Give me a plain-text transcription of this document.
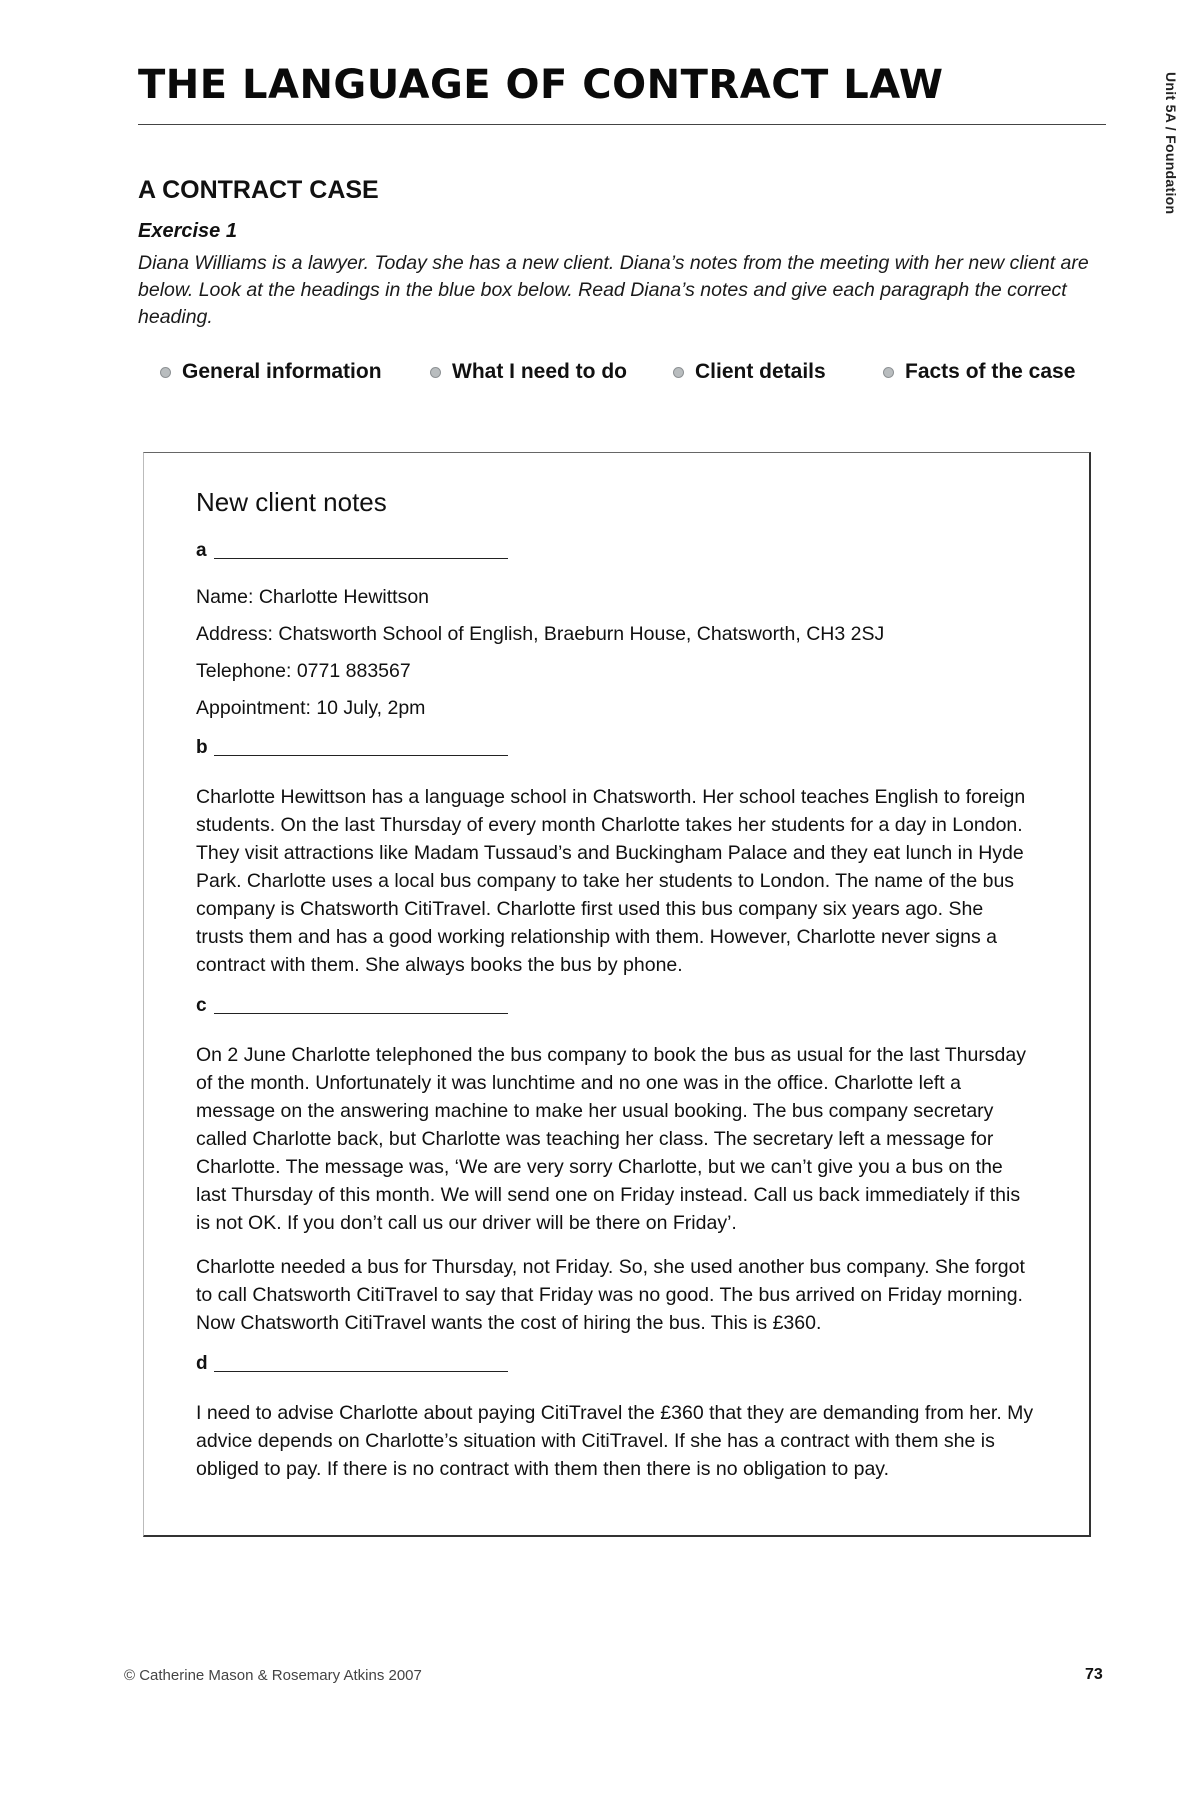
THE LANGUAGE OF CONTRACT LAW	Unit 5A / Foundation
A CONTRACT CASE
Exercise 1
Diana Williams is a lawyer. Today she has a new client. Diana’s notes from the meeting with her new client are below. Look at the headings in the blue box below. Read Diana’s notes and give each paragraph the correct heading.
General information	What I need to do	Client details	Facts of the case
New client notes
a
Name: Charlotte Hewittson
Address: Chatsworth School of English, Braeburn House, Chatsworth, CH3 2SJ
Telephone: 0771 883567
Appointment: 10 July, 2pm
b
Charlotte Hewittson has a language school in Chatsworth. Her school teaches English to foreign students. On the last Thursday of every month Charlotte takes her students for a day in London. They visit attractions like Madam Tussaud’s and Buckingham Palace and they eat lunch in Hyde Park. Charlotte uses a local bus company to take her students to London. The name of the bus company is Chatsworth CitiTravel. Charlotte first used this bus company six years ago. She trusts them and has a good working relationship with them. However, Charlotte never signs a contract with them. She always books the bus by phone.
c
On 2 June Charlotte telephoned the bus company to book the bus as usual for the last Thursday of the month. Unfortunately it was lunchtime and no one was in the office. Charlotte left a message on the answering machine to make her usual booking. The bus company secretary called Charlotte back, but Charlotte was teaching her class. The secretary left a message for Charlotte. The message was, ‘We are very sorry Charlotte, but we can’t give you a bus on the last Thursday of this month. We will send one on Friday instead. Call us back immediately if this is not OK. If you don’t call us our driver will be there on Friday’.
Charlotte needed a bus for Thursday, not Friday. So, she used another bus company. She forgot to call Chatsworth CitiTravel to say that Friday was no good. The bus arrived on Friday morning. Now Chatsworth CitiTravel wants the cost of hiring the bus. This is £360.
d
I need to advise Charlotte about paying CitiTravel the £360 that they are demanding from her. My advice depends on Charlotte’s situation with CitiTravel. If she has a contract with them she is obliged to pay. If there is no contract with them then there is no obligation to pay.
© Catherine Mason & Rosemary Atkins 2007	73
